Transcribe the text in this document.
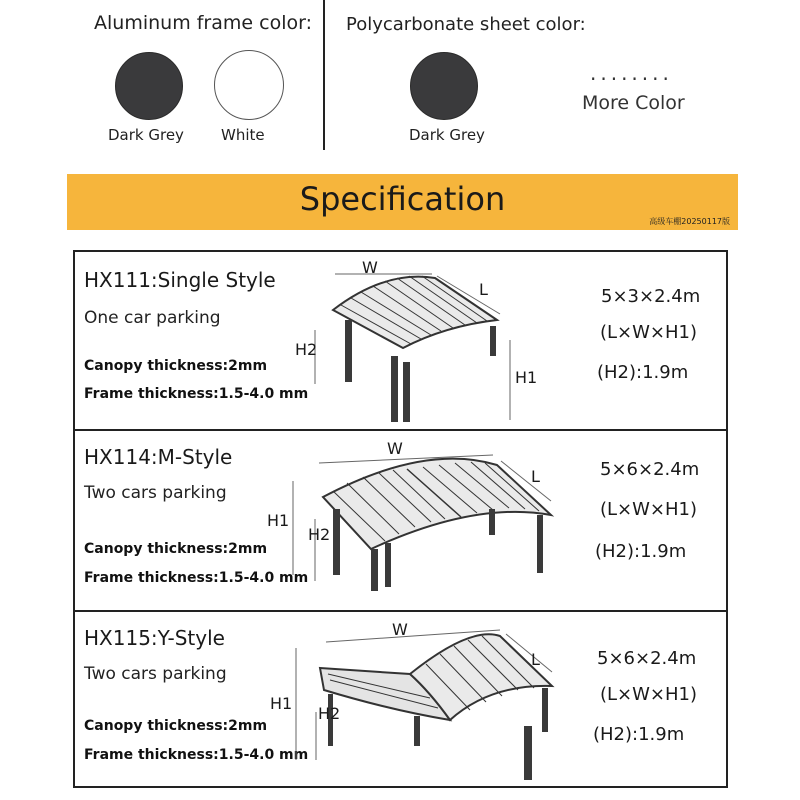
Aluminum frame color: Polycarbonate sheet color:
Dark Grey White	Dark Grey
........
More Color
Specification
高级车棚20250117版
HX111:Single Style
One car parking
Canopy thickness:2mm
Frame thickness:1.5-4.0 mm
W
L
H2
H1
5×3×2.4m
(L×W×H1)
(H2):1.9m
HX114:M-Style
Two cars parking
Canopy thickness:2mm
Frame thickness:1.5-4.0 mm
W
L
H1
H2
5×6×2.4m
(L×W×H1)
(H2):1.9m
HX115:Y-Style
Two cars parking
Canopy thickness:2mm
Frame thickness:1.5-4.0 mm
W
L
H1
H2
5×6×2.4m
(L×W×H1)
(H2):1.9m
